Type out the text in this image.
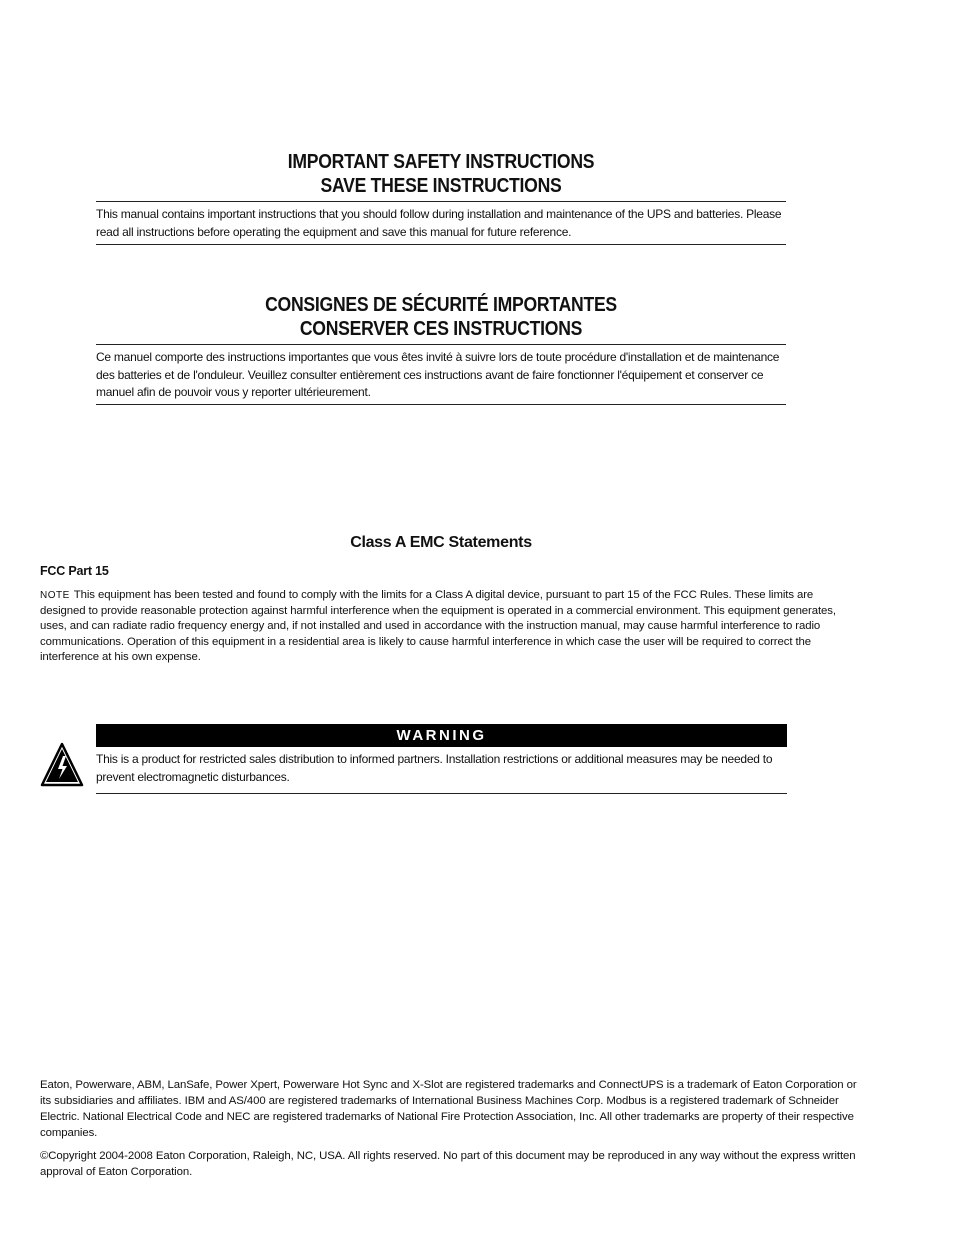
IMPORTANT SAFETY INSTRUCTIONS
SAVE THESE INSTRUCTIONS

This manual contains important instructions that you should follow during installation and maintenance of the UPS and batteries. Please read all instructions before operating the equipment and save this manual for future reference.

CONSIGNES DE SÉCURITÉ IMPORTANTES
CONSERVER CES INSTRUCTIONS

Ce manuel comporte des instructions importantes que vous êtes invité à suivre lors de toute procédure d'installation et de maintenance des batteries et de l'onduleur. Veuillez consulter entièrement ces instructions avant de faire fonctionner l'équipement et conserver ce manuel afin de pouvoir vous y reporter ultérieurement.

Class A EMC Statements
FCC Part 15
NOTE This equipment has been tested and found to comply with the limits for a Class A digital device, pursuant to part 15 of the FCC Rules. These limits are designed to provide reasonable protection against harmful interference when the equipment is operated in a commercial environment. This equipment generates, uses, and can radiate radio frequency energy and, if not installed and used in accordance with the instruction manual, may cause harmful interference to radio communications. Operation of this equipment in a residential area is likely to cause harmful interference in which case the user will be required to correct the interference at his own expense.
WARNING
This is a product for restricted sales distribution to informed partners. Installation restrictions or additional measures may be needed to prevent electromagnetic disturbances.

Eaton, Powerware, ABM, LanSafe, Power Xpert, Powerware Hot Sync and X-Slot are registered trademarks and ConnectUPS is a trademark of Eaton Corporation or its subsidiaries and affiliates. IBM and AS/400 are registered trademarks of International Business Machines Corp. Modbus is a registered trademark of Schneider Electric. National Electrical Code and NEC are registered trademarks of National Fire Protection Association, Inc. All other trademarks are property of their respective companies.

©Copyright 2004-2008 Eaton Corporation, Raleigh, NC, USA. All rights reserved. No part of this document may be reproduced in any way without the express written approval of Eaton Corporation.
